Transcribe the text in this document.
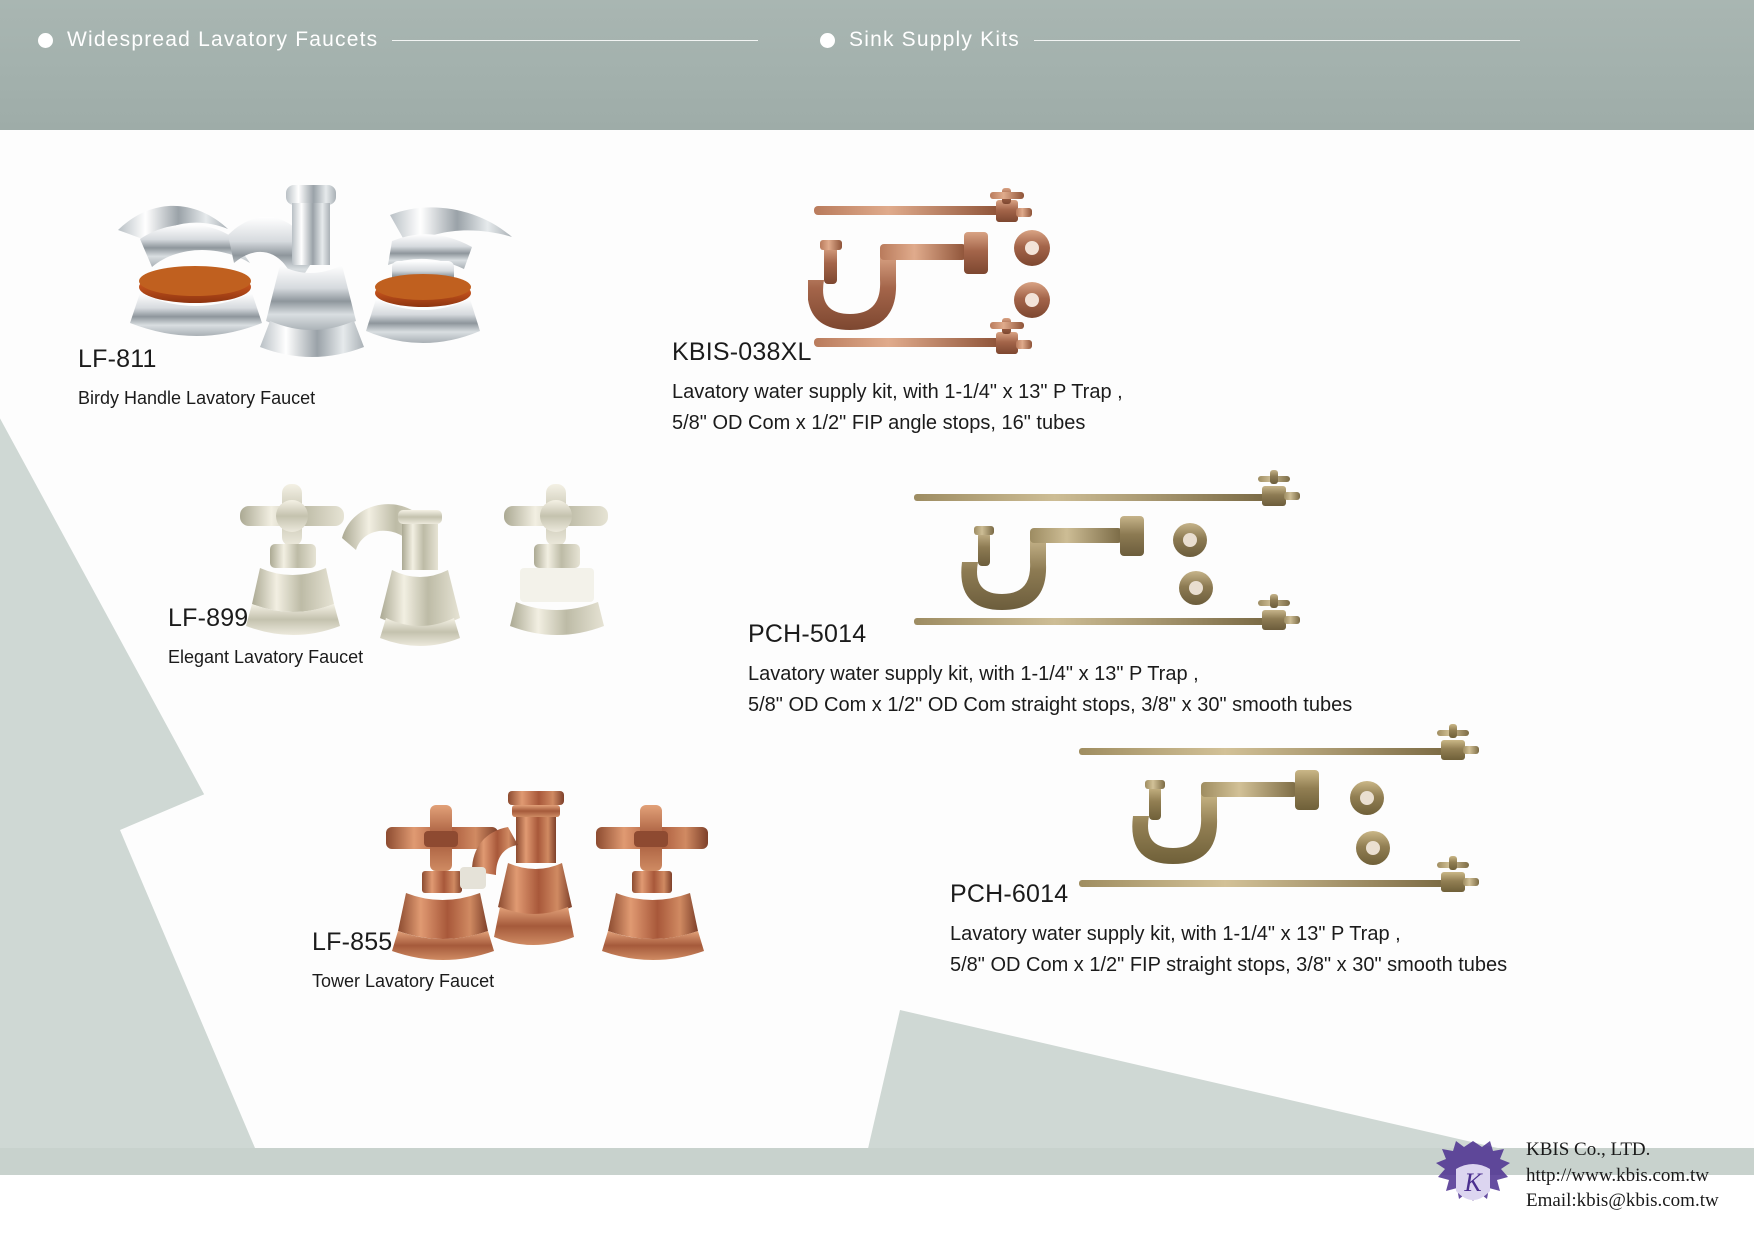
Widespread Lavatory Faucets	Sink Supply Kits
LF-811
Birdy Handle Lavatory Faucet
LF-899
Elegant Lavatory Faucet
LF-855
Tower Lavatory Faucet
KBIS-038XL
Lavatory water supply kit, with 1-1/4" x 13" P Trap ,
5/8" OD Com x 1/2" FIP angle stops, 16" tubes
PCH-5014
Lavatory water supply kit, with 1-1/4" x 13" P Trap ,
5/8" OD Com x 1/2" OD Com straight stops, 3/8" x 30" smooth tubes
PCH-6014
Lavatory water supply kit, with 1-1/4" x 13" P Trap ,
5/8" OD Com x 1/2" FIP straight stops, 3/8" x 30" smooth tubes
K
KBIS Co., LTD.
http://www.kbis.com.tw
Email:kbis@kbis.com.tw
